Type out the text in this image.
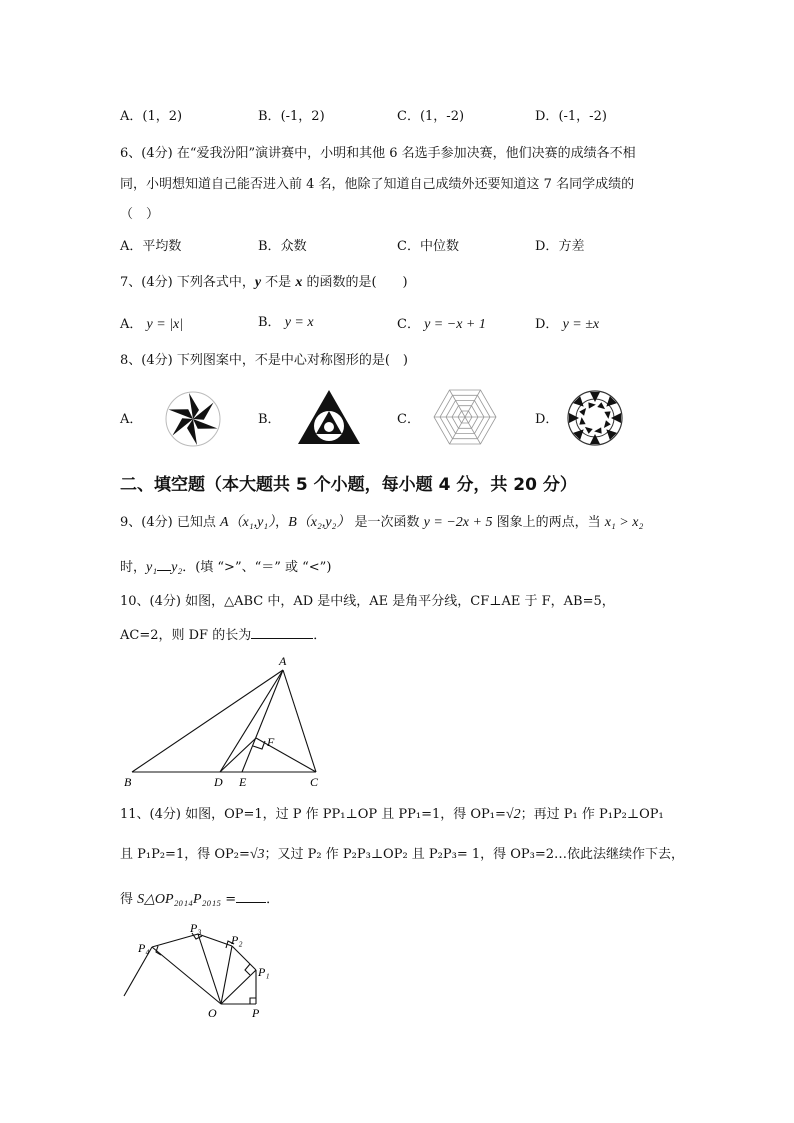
A．(1，2)	B．(-1，2)	C．(1，-2)	D．(-1，-2)
6、(4分) 在“爱我汾阳”演讲赛中，小明和其他 6 名选手参加决赛，他们决赛的成绩各不相
同，小明想知道自己能否进入前 4 名，他除了知道自己成绩外还要知道这 7 名同学成绩的
（　）
A．平均数	B．众数	C．中位数	D．方差
7、(4分) 下列各式中，y 不是 x 的函数的是(　　)
A． y = |x|	B． y = x	C． y = −x + 1	D． y = ±x
8、(4分) 下列图案中，不是中心对称图形的是(　)
A．	B．	C．	D．
二、填空题（本大题共 5 个小题，每小题 4 分，共 20 分）
9、(4分) 已知点 A（x₁,y₁），B（x₂,y₂） 是一次函数 y = −2x + 5 图象上的两点，当 x₁ > x₂
时，y₁ y₂．(填 “>”、“＝” 或 “<”)
10、(4分) 如图，△ABC 中，AD 是中线，AE 是角平分线，CF⊥AE 于 F，AB=5，
AC=2，则 DF 的长为	．
A
B	C
D E
F
11、(4分) 如图，OP=1，过 P 作 PP₁⊥OP 且 PP₁=1，得 OP₁=√2；再过 P₁ 作 P₁P₂⊥OP₁
且 P₁P₂=1，得 OP₂=√3；又过 P₂ 作 P₂P₃⊥OP₂ 且 P₂P₃= 1，得 OP₃=2…依此法继续作下去，
得 S△OP₂₀₁₄P₂₀₁₅ = ．
O	P
P₁
P₂
P₃
P₄
